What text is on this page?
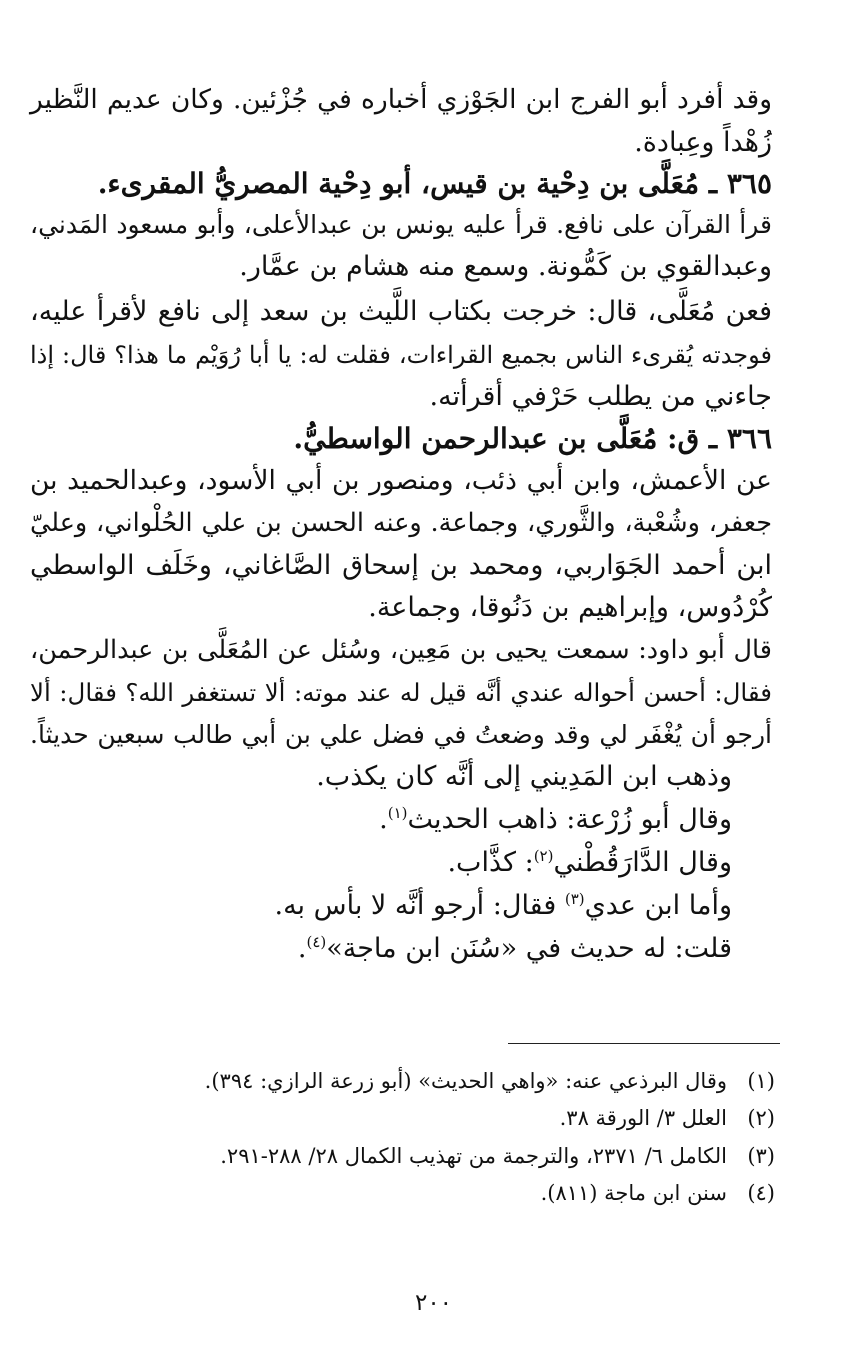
وقد أفرد أبو الفرج ابن الجَوْزي أخباره في جُزْئين. وكان عديم النَّظير
زُهْداً وعِبادة.
٣٦٥ ـ مُعَلَّى بن دِحْية بن قيس، أبو دِحْية المصريُّ المقرىء.
قرأ القرآن على نافع. قرأ عليه يونس بن عبدالأعلى، وأبو مسعود المَدني،
وعبدالقوي بن كَمُّونة. وسمع منه هشام بن عمَّار.
فعن مُعَلَّى، قال: خرجت بكتاب اللَّيث بن سعد إلى نافع لأقرأ عليه،
فوجدته يُقرىء الناس بجميع القراءات، فقلت له: يا أبا رُوَيْم ما هذا؟ قال: إذا
جاءني من يطلب حَرْفي أقرأته.
٣٦٦ ـ ق: مُعَلَّى بن عبدالرحمن الواسطيُّ.
عن الأعمش، وابن أبي ذئب، ومنصور بن أبي الأسود، وعبدالحميد بن
جعفر، وشُعْبة، والثَّوري، وجماعة. وعنه الحسن بن علي الحُلْواني، وعليّ
ابن أحمد الجَوَاربي، ومحمد بن إسحاق الصَّاغاني، وخَلَف الواسطي
كُرْدُوس، وإبراهيم بن دَنُوقا، وجماعة.
قال أبو داود: سمعت يحيى بن مَعِين، وسُئل عن المُعَلَّى بن عبدالرحمن،
فقال: أحسن أحواله عندي أنَّه قيل له عند موته: ألا تستغفر الله؟ فقال: ألا
أرجو أن يُغْفَر لي وقد وضعتُ في فضل علي بن أبي طالب سبعين حديثاً.
وذهب ابن المَدِيني إلى أنَّه كان يكذب.
وقال أبو زُرْعة: ذاهب الحديث$^{(١)}$.
وقال الدَّارَقُطْني$^{(٢)}$: كذَّاب.
وأما ابن عدي$^{(٣)}$ فقال: أرجو أنَّه لا بأس به.
قلت: له حديث في «سُنَن ابن ماجة»$^{(٤)}$.
(١)
وقال البرذعي عنه: «واهي الحديث» (أبو زرعة الرازي: ٣٩٤).
(٢)
العلل ٣/ الورقة ٣٨.
(٣)
الكامل ٦/ ٢٣٧١، والترجمة من تهذيب الكمال ٢٨/ ٢٨٨-٢٩١.
(٤)
سنن ابن ماجة (٨١١).
٢٠٠
